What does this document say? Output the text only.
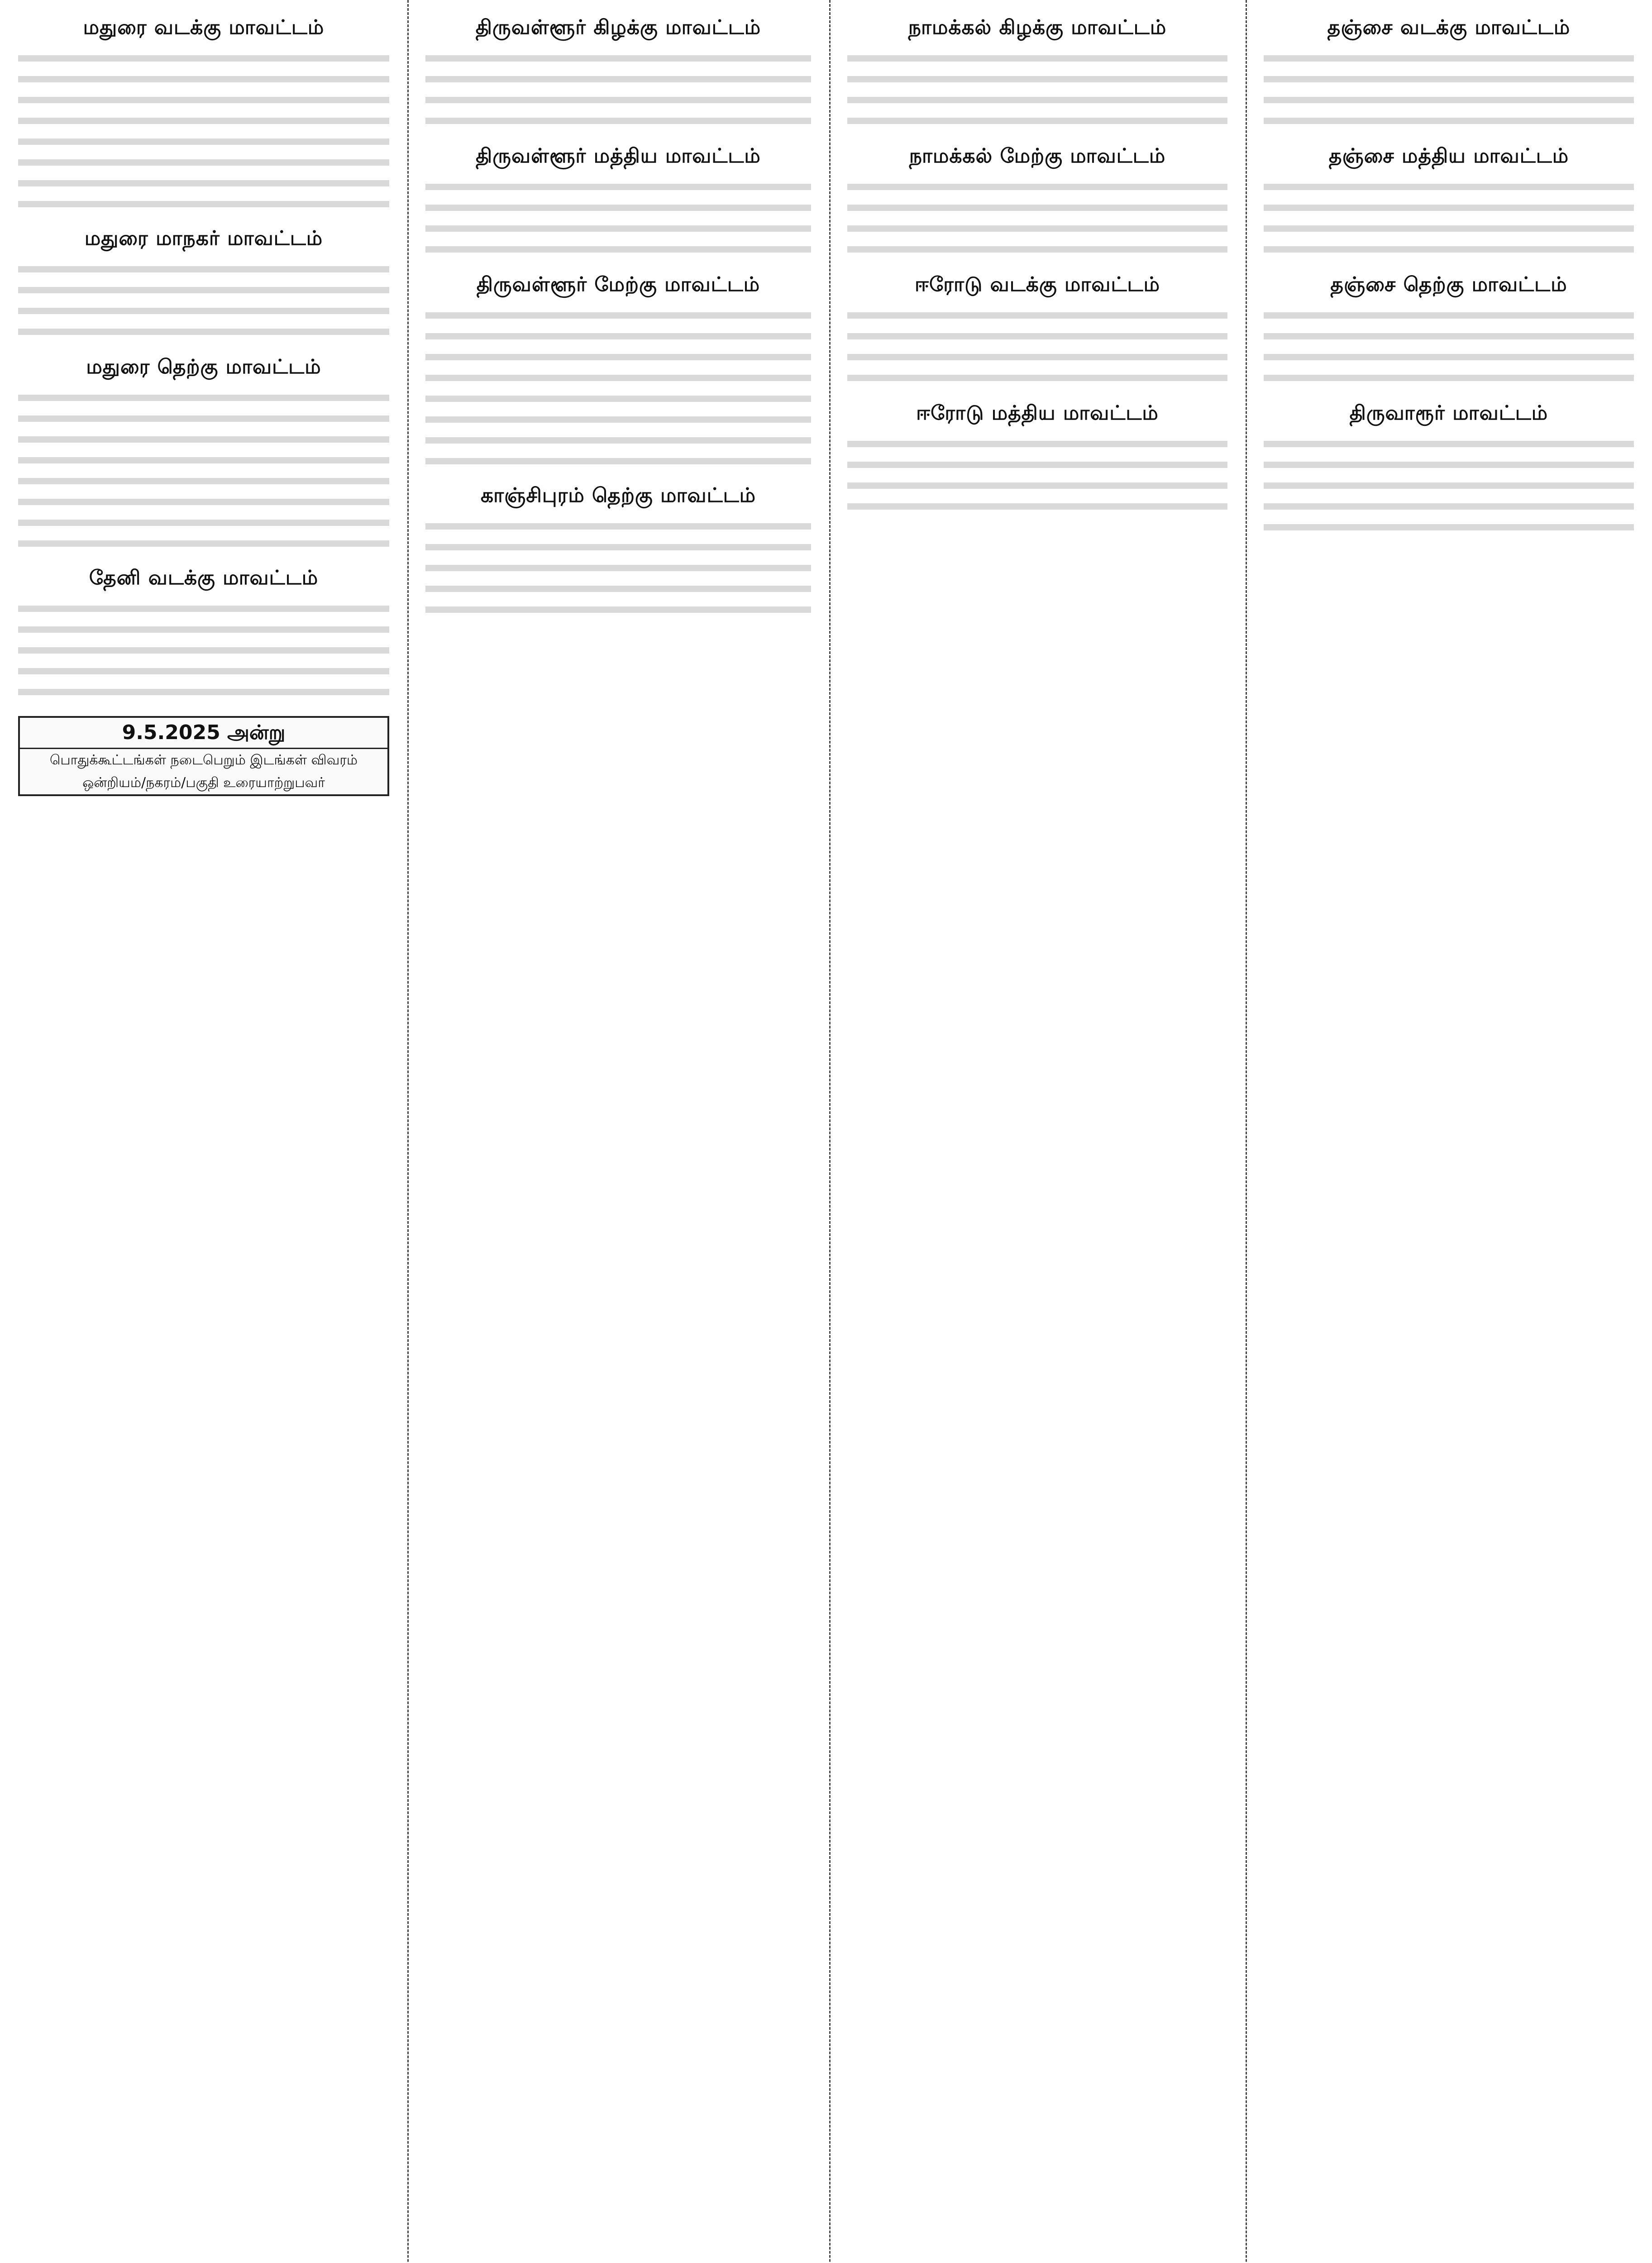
மதுரை வடக்கு மாவட்டம்
மதுரை மாநகர் மாவட்டம்
மதுரை தெற்கு மாவட்டம்
தேனி வடக்கு மாவட்டம்
9.5.2025 அன்று
பொதுக்கூட்டங்கள் நடைபெறும் இடங்கள் விவரம்
ஒன்றியம்/நகரம்/பகுதி உரையாற்றுபவர்
திருவள்ளூர் கிழக்கு மாவட்டம்
திருவள்ளூர் மத்திய மாவட்டம்
திருவள்ளூர் மேற்கு மாவட்டம்
காஞ்சிபுரம் தெற்கு மாவட்டம்
நாமக்கல் கிழக்கு மாவட்டம்
நாமக்கல் மேற்கு மாவட்டம்
ஈரோடு வடக்கு மாவட்டம்
ஈரோடு மத்திய மாவட்டம்
தஞ்சை வடக்கு மாவட்டம்
தஞ்சை மத்திய மாவட்டம்
தஞ்சை தெற்கு மாவட்டம்
திருவாரூர் மாவட்டம்
